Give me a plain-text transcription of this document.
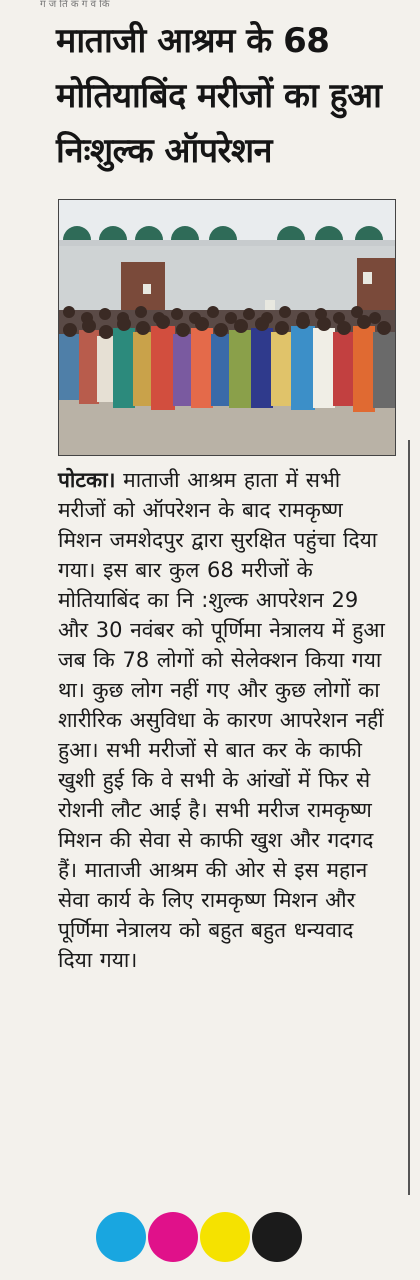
ग ज ति क ग व कि
माताजी आश्रम के 68
मोतियाबिंद मरीजों का हुआ
निःशुल्क ऑपरेशन

पोटका। माताजी आश्रम हाता में सभी मरीजों को ऑपरेशन के बाद रामकृष्ण मिशन जमशेदपुर द्वारा सुरक्षित पहुंचा दिया गया। इस बार कुल 68 मरीजों के मोतियाबिंद का नि :शुल्क आपरेशन 29 और 30 नवंबर को पूर्णिमा नेत्रालय में हुआ जब कि 78 लोगों को सेलेक्शन किया गया था। कुछ लोग नहीं गए और कुछ लोगों का शारीरिक असुविधा के कारण आपरेशन नहीं हुआ। सभी मरीजों से बात कर के काफी खुशी हुई कि वे सभी के आंखों में फिर से रोशनी लौट आई है। सभी मरीज रामकृष्ण मिशन की सेवा से काफी खुश और गदगद हैं। माताजी आश्रम की ओर से इस महान सेवा कार्य के लिए रामकृष्ण मिशन और पूर्णिमा नेत्रालय को बहुत बहुत धन्यवाद दिया गया।
